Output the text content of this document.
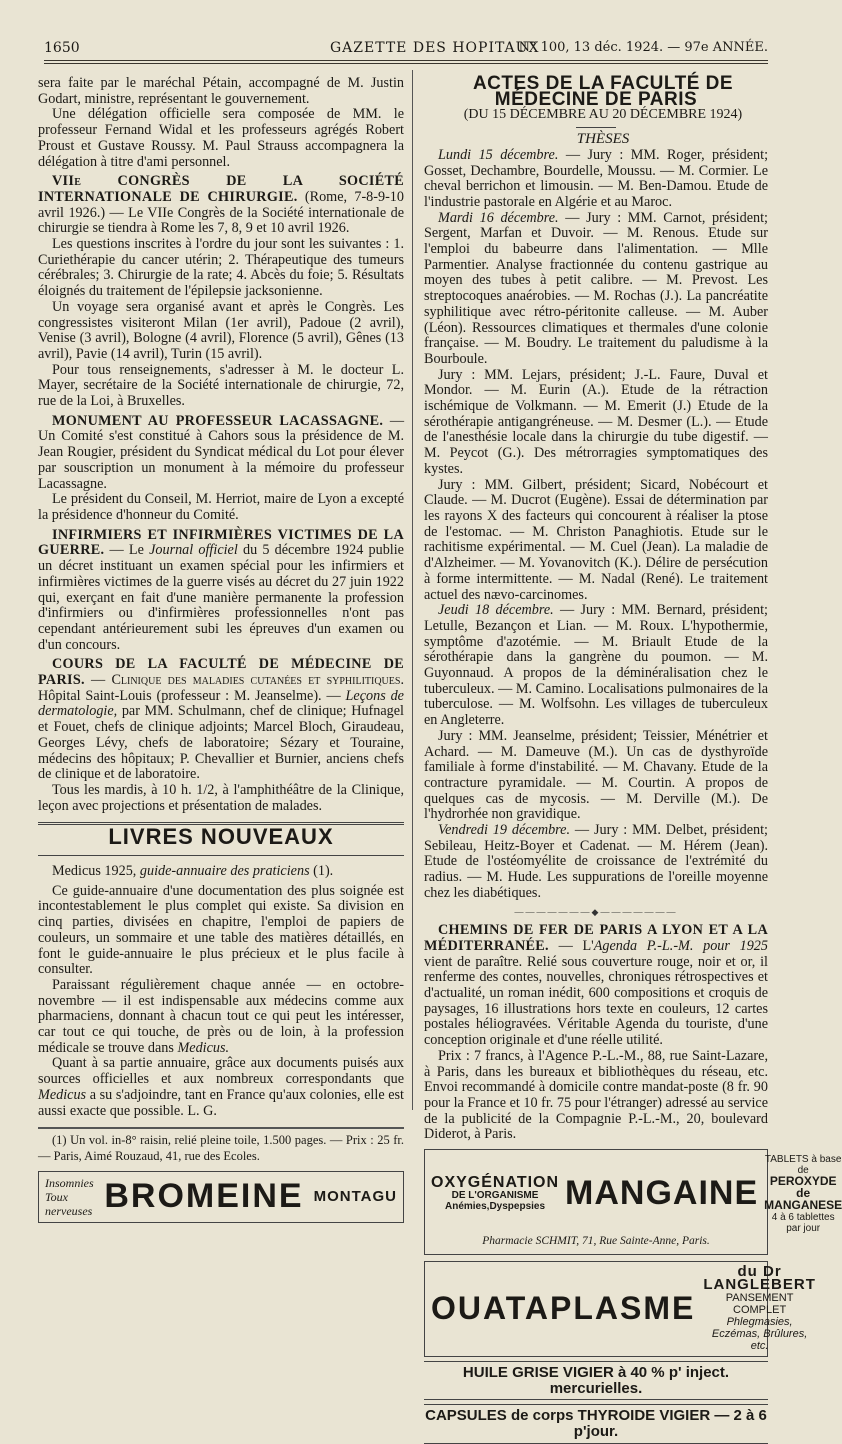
1650	GAZETTE DES HOPITAUX
N° 100, 13 déc. 1924. — 97e ANNÉE.

sera faite par le maréchal Pétain, accompagné de M. Justin Godart, ministre, représentant le gouvernement.

Une délégation officielle sera composée de MM. le professeur Fernand Widal et les professeurs agrégés Robert Proust et Gustave Roussy. M. Paul Strauss accompagnera la délégation à titre d'ami personnel.

VIIe CONGRÈS DE LA SOCIÉTÉ INTERNATIONALE DE CHIRURGIE. (Rome, 7-8-9-10 avril 1926.) — Le VIIe Congrès de la Société internationale de chirurgie se tiendra à Rome les 7, 8, 9 et 10 avril 1926.

Les questions inscrites à l'ordre du jour sont les suivantes : 1. Curiethérapie du cancer utérin; 2. Thérapeutique des tumeurs cérébrales; 3. Chirurgie de la rate; 4. Abcès du foie; 5. Résultats éloignés du traitement de l'épilepsie jacksonienne.

Un voyage sera organisé avant et après le Congrès. Les congressistes visiteront Milan (1er avril), Padoue (2 avril), Venise (3 avril), Bologne (4 avril), Florence (5 avril), Gênes (13 avril), Pavie (14 avril), Turin (15 avril).

Pour tous renseignements, s'adresser à M. le docteur L. Mayer, secrétaire de la Société internationale de chirurgie, 72, rue de la Loi, à Bruxelles.

MONUMENT AU PROFESSEUR LACASSAGNE. — Un Comité s'est constitué à Cahors sous la présidence de M. Jean Rougier, président du Syndicat médical du Lot pour élever par souscription un monument à la mémoire du professeur Lacassagne.

Le président du Conseil, M. Herriot, maire de Lyon a excepté la présidence d'honneur du Comité.

INFIRMIERS ET INFIRMIÈRES VICTIMES DE LA GUERRE. — Le Journal officiel du 5 décembre 1924 publie un décret instituant un examen spécial pour les infirmiers et infirmières victimes de la guerre visés au décret du 27 juin 1922 qui, exerçant en fait d'une manière permanente la profession d'infirmiers ou d'infirmières professionnelles n'ont pas cependant antérieurement subi les épreuves d'un examen ou d'un concours.

COURS DE LA FACULTÉ DE MÉDECINE DE PARIS. — Clinique des maladies cutanées et syphilitiques. Hôpital Saint-Louis (professeur : M. Jeanselme). — Leçons de dermatologie, par MM. Schulmann, chef de clinique; Hufnagel et Fouet, chefs de clinique adjoints; Marcel Bloch, Giraudeau, Georges Lévy, chefs de laboratoire; Sézary et Touraine, médecins des hôpitaux; P. Chevallier et Burnier, anciens chefs de clinique et de laboratoire.

Tous les mardis, à 10 h. 1/2, à l'amphithéâtre de la Clinique, leçon avec projections et présentation de malades.

LIVRES NOUVEAUX

Medicus 1925, guide-annuaire des praticiens (1).

Ce guide-annuaire d'une documentation des plus soignée est incontestablement le plus complet qui existe. Sa division en cinq parties, divisées en chapitre, l'emploi de papiers de couleurs, un sommaire et une table des matières détaillés, en font le guide-annuaire le plus précieux et le plus facile à consulter.

Paraissant régulièrement chaque année — en octobre-novembre — il est indispensable aux médecins comme aux pharmaciens, donnant à chacun tout ce qui peut les intéresser, car tout ce qui touche, de près ou de loin, à la profession médicale se trouve dans Medicus.

Quant à sa partie annuaire, grâce aux documents puisés aux sources officielles et aux nombreux correspondants que Medicus a su s'adjoindre, tant en France qu'aux colonies, elle est aussi exacte que possible. L. G.

(1) Un vol. in-8° raisin, relié pleine toile, 1.500 pages. — Prix : 25 fr. — Paris, Aimé Rouzaud, 41, rue des Ecoles.

Insomnies
Toux nerveuses BROMEINE MONTAGU

ACTES DE LA FACULTÉ DE MÉDECINE DE PARIS

(DU 15 DÉCEMBRE AU 20 DÉCEMBRE 1924)

THÈSES

Lundi 15 décembre. — Jury : MM. Roger, président; Gosset, Dechambre, Bourdelle, Moussu. — M. Cormier. Le cheval berrichon et limousin. — M. Ben-Damou. Etude de l'industrie pastorale en Algérie et au Maroc.

Mardi 16 décembre. — Jury : MM. Carnot, président; Sergent, Marfan et Duvoir. — M. Renous. Etude sur l'emploi du babeurre dans l'alimentation. — Mlle Parmentier. Analyse fractionnée du contenu gastrique au moyen des tubes à petit calibre. — M. Prevost. Les streptocoques anaérobies. — M. Rochas (J.). La pancréatite syphilitique avec rétro-péritonite calleuse. — M. Auber (Léon). Ressources climatiques et thermales d'une colonie française. — M. Boudry. Le traitement du paludisme à la Bourboule.

Jury : MM. Lejars, président; J.-L. Faure, Duval et Mondor. — M. Eurin (A.). Etude de la rétraction ischémique de Volkmann. — M. Emerit (J.) Etude de la sérothérapie antigangréneuse. — M. Desmer (L.). — Etude de l'anesthésie locale dans la chirurgie du tube digestif. — M. Peycot (G.). Des métrorragies symptomatiques des kystes.

Jury : MM. Gilbert, président; Sicard, Nobécourt et Claude. — M. Ducrot (Eugène). Essai de détermination par les rayons X des facteurs qui concourent à réaliser la ptose de l'estomac. — M. Christon Panaghiotis. Etude sur le rachitisme expérimental. — M. Cuel (Jean). La maladie de d'Alzheimer. — M. Yovanovitch (K.). Délire de persécution à forme intermittente. — M. Nadal (René). Le traitement actuel des nævo-carcinomes.

Jeudi 18 décembre. — Jury : MM. Bernard, président; Letulle, Bezançon et Lian. — M. Roux. L'hypothermie, symptôme d'azotémie. — M. Briault Etude de la sérothérapie dans la gangrène du poumon. — M. Guyonnaud. A propos de la déminéralisation chez le tuberculeux. — M. Camino. Localisations pulmonaires de la tuberculose. — M. Wolfsohn. Les villages de tuberculeux en Angleterre.

Jury : MM. Jeanselme, président; Teissier, Ménétrier et Achard. — M. Dameuve (M.). Un cas de dysthyroïde familiale à forme d'instabilité. — M. Chavany. Etude de la contracture pyramidale. — M. Courtin. A propos de quelques cas de mycosis. — M. Derville (M.). De l'hydrorhée non gravidique.

Vendredi 19 décembre. — Jury : MM. Delbet, président; Sebileau, Heitz-Boyer et Cadenat. — M. Hérem (Jean). Etude de l'ostéomyélite de croissance de l'extrémité du radius. — M. Hude. Les suppurations de l'oreille moyenne chez les diabétiques.

———————◆———————

CHEMINS DE FER DE PARIS A LYON ET A LA MÉDITERRANÉE. — L'Agenda P.-L.-M. pour 1925 vient de paraître. Relié sous couverture rouge, noir et or, il renferme des contes, nouvelles, chroniques rétrospectives et d'actualité, un roman inédit, 600 compositions et croquis de paysages, 16 illustrations hors texte en couleurs, 12 cartes postales héliogravées. Véritable Agenda du touriste, d'une conception originale et d'une réelle utilité.

Prix : 7 francs, à l'Agence P.-L.-M., 88, rue Saint-Lazare, à Paris, dans les bureaux et bibliothèques du réseau, etc. Envoi recommandé à domicile contre mandat-poste (8 fr. 90 pour la France et 10 fr. 75 pour l'étranger) adressé au service de la publicité de la Compagnie P.-L.-M., 20, boulevard Diderot, à Paris.

OXYGÉNATION
DE L'ORGANISME
Anémies,Dyspepsies MANGAINE
TABLETS à base de
PEROXYDE de MANGANESE
4 à 6 tablettes par jour
Pharmacie SCHMIT, 71, Rue Sainte-Anne, Paris.
OUATAPLASME
du Dr LANGLEBERT
PANSEMENT COMPLET
Phlegmasies, Eczémas, Brûlures, etc.
HUILE GRISE VIGIER à 40 % p' inject. mercurielles.
CAPSULES de corps THYROIDE VIGIER — 2 à 6 p'jour.
